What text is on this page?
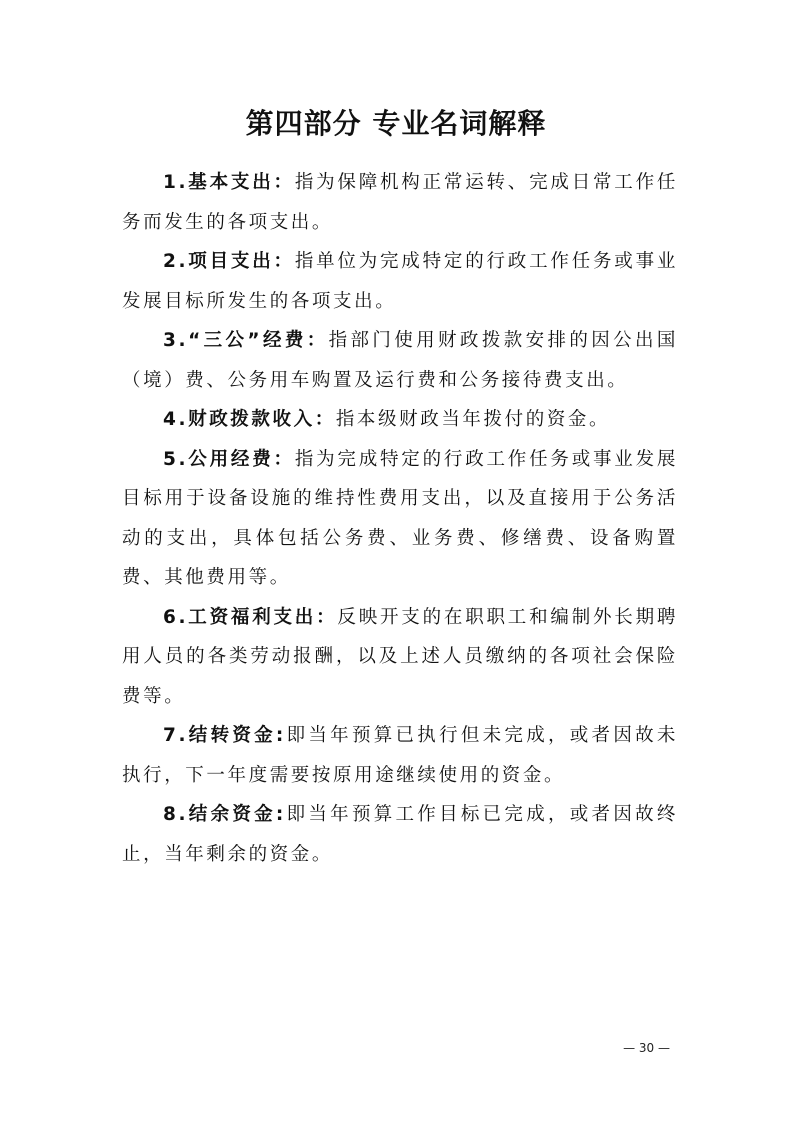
第四部分 专业名词解释

1.基本支出：指为保障机构正常运转、完成日常工作任务而发生的各项支出。

2.项目支出：指单位为完成特定的行政工作任务或事业发展目标所发生的各项支出。

3.“三公”经费：指部门使用财政拨款安排的因公出国（境）费、公务用车购置及运行费和公务接待费支出。

4.财政拨款收入：指本级财政当年拨付的资金。

5.公用经费：指为完成特定的行政工作任务或事业发展目标用于设备设施的维持性费用支出，以及直接用于公务活动的支出，具体包括公务费、业务费、修缮费、设备购置费、其他费用等。

6.工资福利支出：反映开支的在职职工和编制外长期聘用人员的各类劳动报酬，以及上述人员缴纳的各项社会保险费等。

7.结转资金:即当年预算已执行但未完成，或者因故未执行，下一年度需要按原用途继续使用的资金。

8.结余资金:即当年预算工作目标已完成，或者因故终止，当年剩余的资金。

— 30 —
